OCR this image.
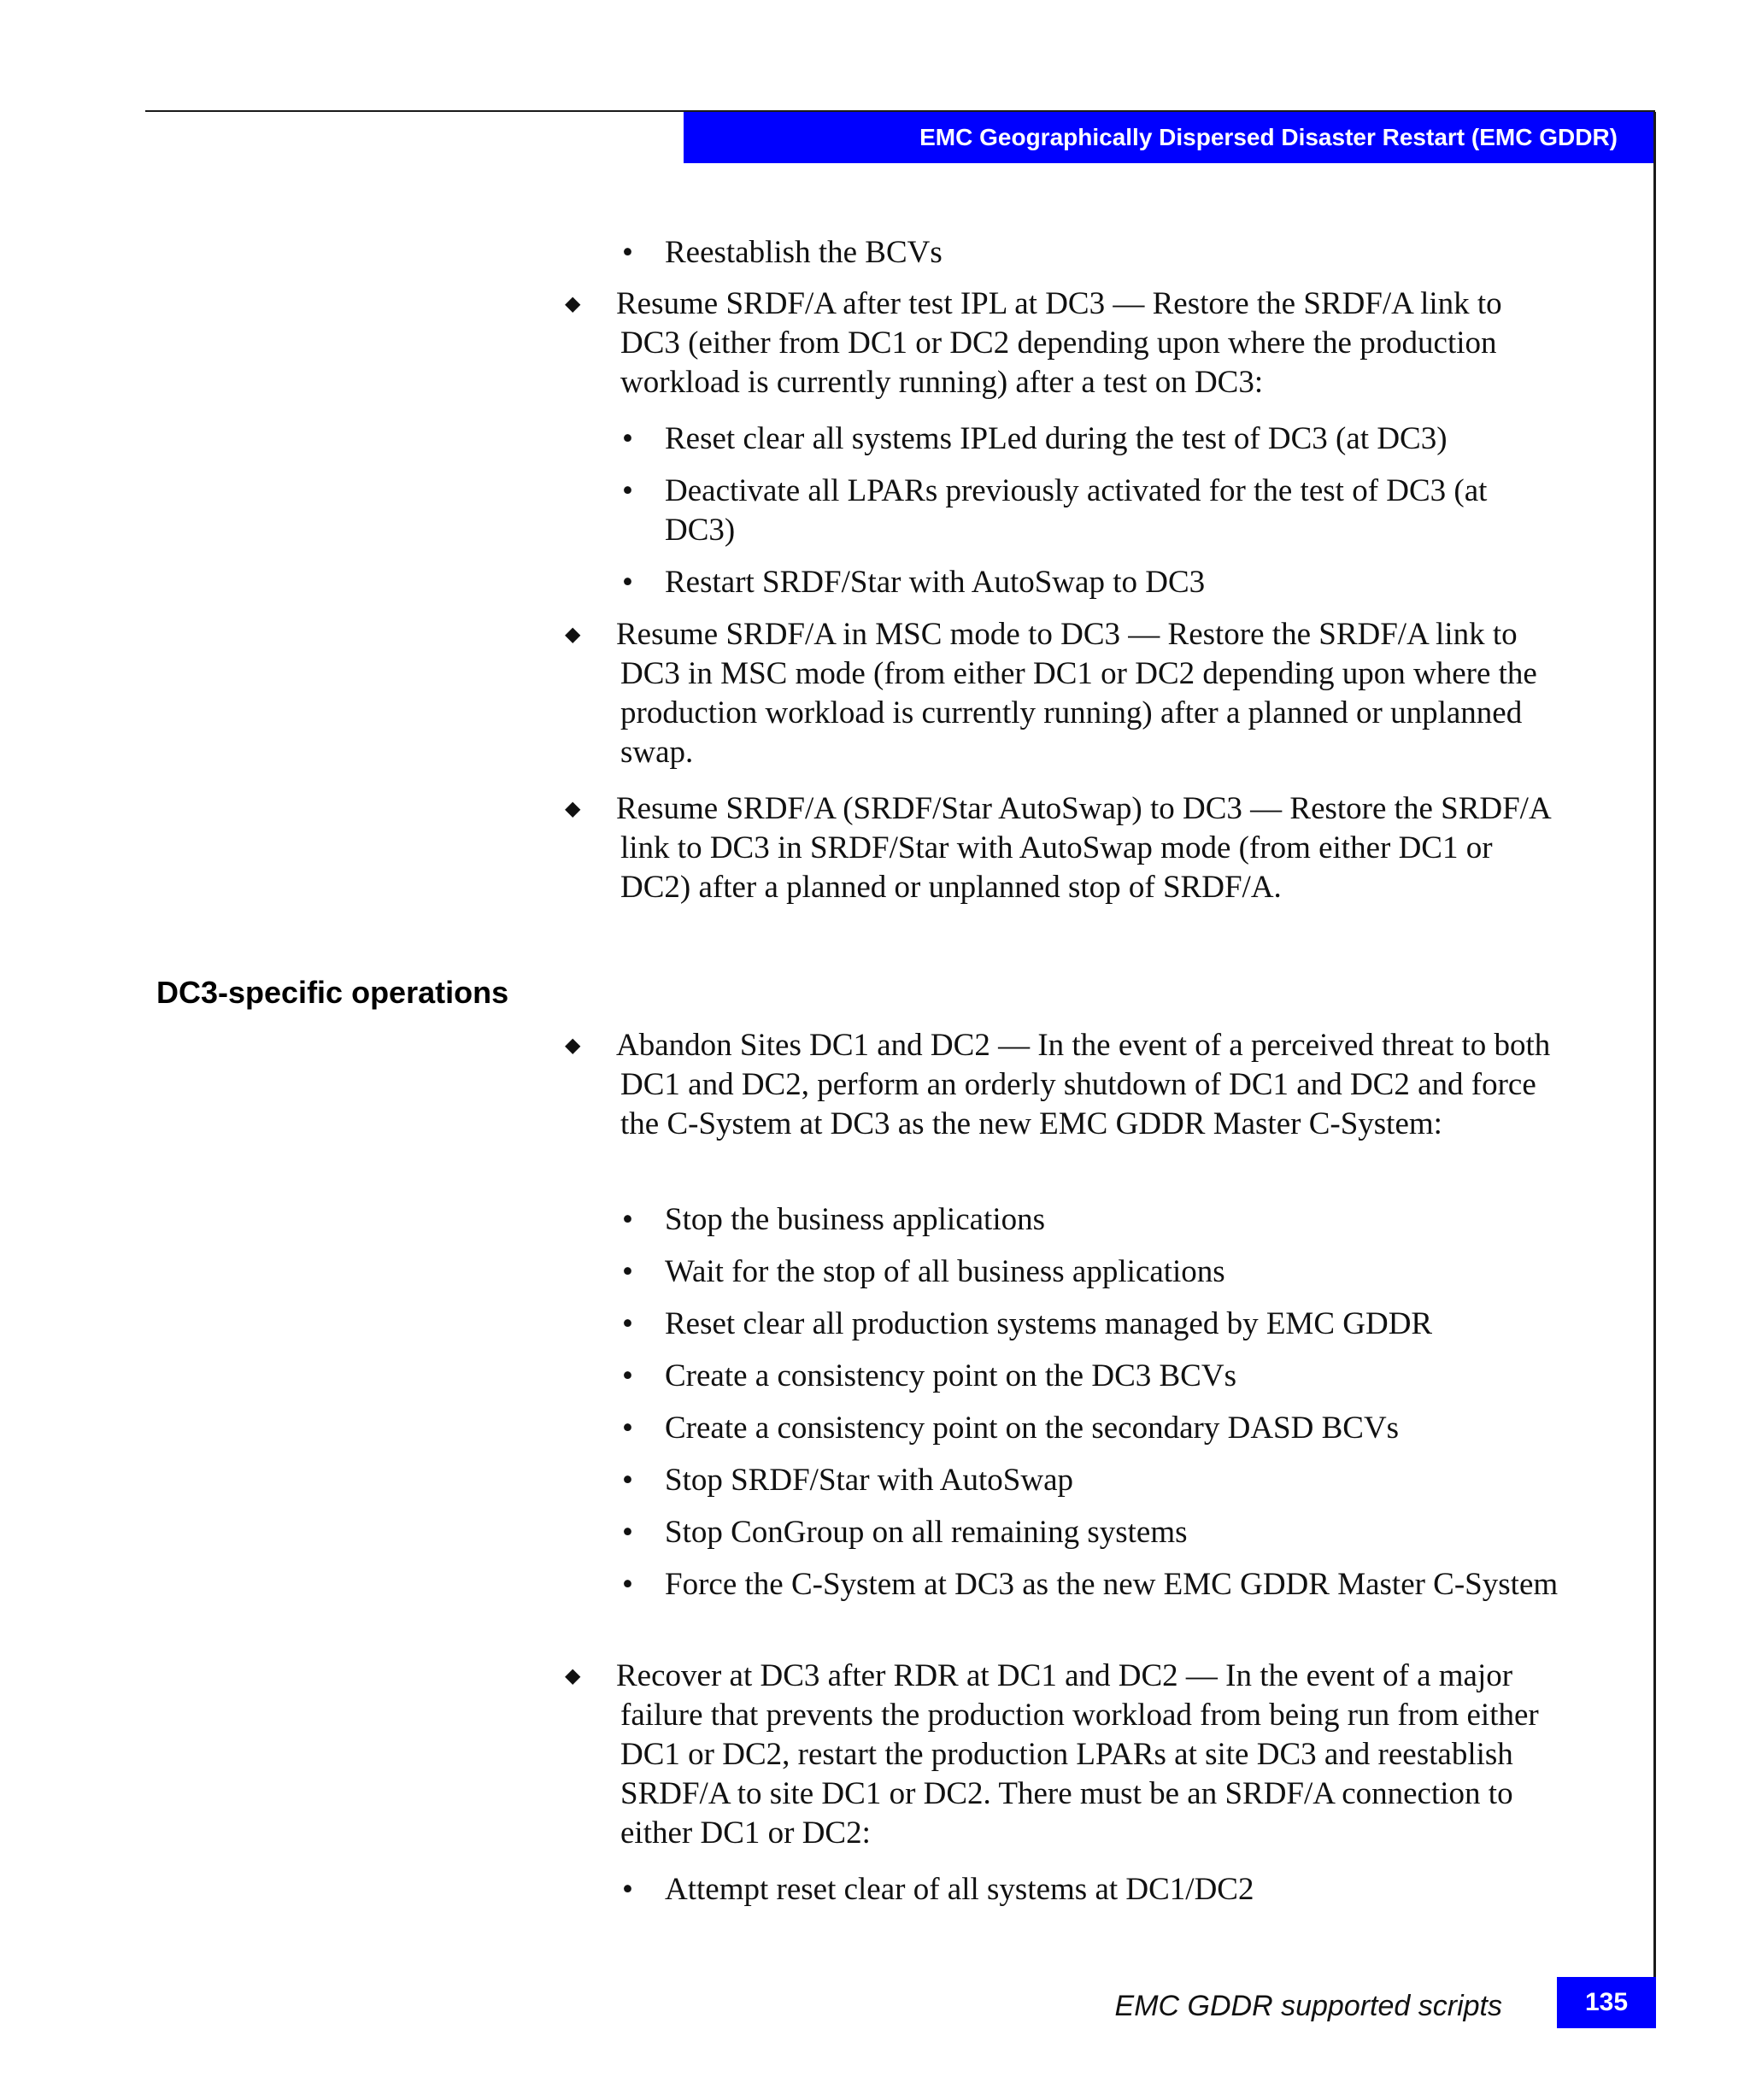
EMC Geographically Dispersed Disaster Restart (EMC GDDR)
DC3-specific operations
• Reestablish the BCVs
◆ Resume SRDF/A after test IPL at DC3 — Restore the SRDF/A link to DC3 (either from DC1 or DC2 depending upon where the production workload is currently running) after a test on DC3:
• Reset clear all systems IPLed during the test of DC3 (at DC3)
• Deactivate all LPARs previously activated for the test of DC3 (at DC3)
• Restart SRDF/Star with AutoSwap to DC3
◆ Resume SRDF/A in MSC mode to DC3 — Restore the SRDF/A link to DC3 in MSC mode (from either DC1 or DC2 depending upon where the production workload is currently running) after a planned or unplanned swap.
◆ Resume SRDF/A (SRDF/Star AutoSwap) to DC3 — Restore the SRDF/A link to DC3 in SRDF/Star with AutoSwap mode (from either DC1 or DC2) after a planned or unplanned stop of SRDF/A.
◆ Abandon Sites DC1 and DC2 — In the event of a perceived threat to both DC1 and DC2, perform an orderly shutdown of DC1 and DC2 and force the C-System at DC3 as the new EMC GDDR Master C-System:
• Stop the business applications
• Wait for the stop of all business applications
• Reset clear all production systems managed by EMC GDDR
• Create a consistency point on the DC3 BCVs
• Create a consistency point on the secondary DASD BCVs
• Stop SRDF/Star with AutoSwap
• Stop ConGroup on all remaining systems
• Force the C-System at DC3 as the new EMC GDDR Master C-System
◆ Recover at DC3 after RDR at DC1 and DC2 — In the event of a major failure that prevents the production workload from being run from either DC1 or DC2, restart the production LPARs at site DC3 and reestablish SRDF/A to site DC1 or DC2. There must be an SRDF/A connection to either DC1 or DC2:
• Attempt reset clear of all systems at DC1/DC2
EMC GDDR supported scripts	135
